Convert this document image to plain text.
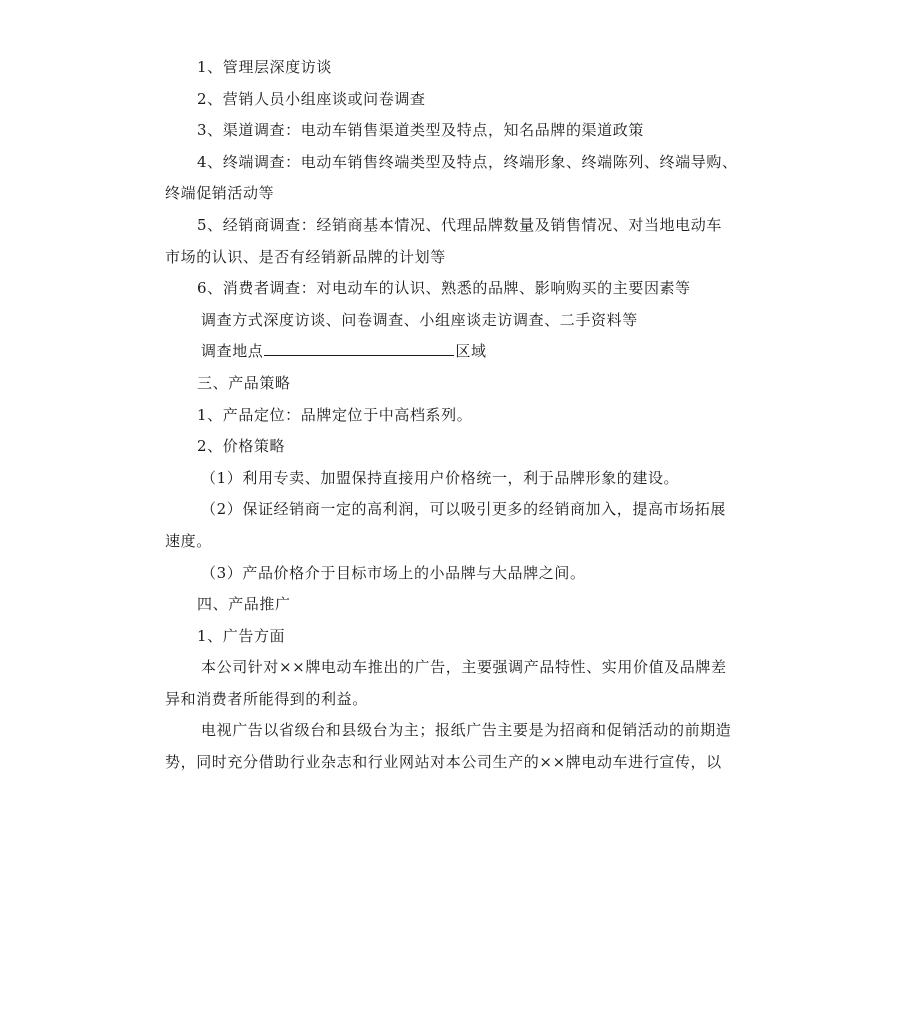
1、管理层深度访谈
2、营销人员小组座谈或问卷调查
3、渠道调查：电动车销售渠道类型及特点，知名品牌的渠道政策
4、终端调查：电动车销售终端类型及特点，终端形象、终端陈列、终端导购、
终端促销活动等
5、经销商调查：经销商基本情况、代理品牌数量及销售情况、对当地电动车
市场的认识、是否有经销新品牌的计划等
6、消费者调查：对电动车的认识、熟悉的品牌、影响购买的主要因素等
调查方式深度访谈、问卷调查、小组座谈走访调查、二手资料等
调查地点	区域
三、产品策略
1、产品定位：品牌定位于中高档系列。
2、价格策略
（1）利用专卖、加盟保持直接用户价格统一，利于品牌形象的建设。
（2）保证经销商一定的高利润，可以吸引更多的经销商加入，提高市场拓展
速度。
（3）产品价格介于目标市场上的小品牌与大品牌之间。
四、产品推广
1、广告方面
本公司针对××牌电动车推出的广告，主要强调产品特性、实用价值及品牌差
异和消费者所能得到的利益。
电视广告以省级台和县级台为主；报纸广告主要是为招商和促销活动的前期造
势，同时充分借助行业杂志和行业网站对本公司生产的××牌电动车进行宣传，以
